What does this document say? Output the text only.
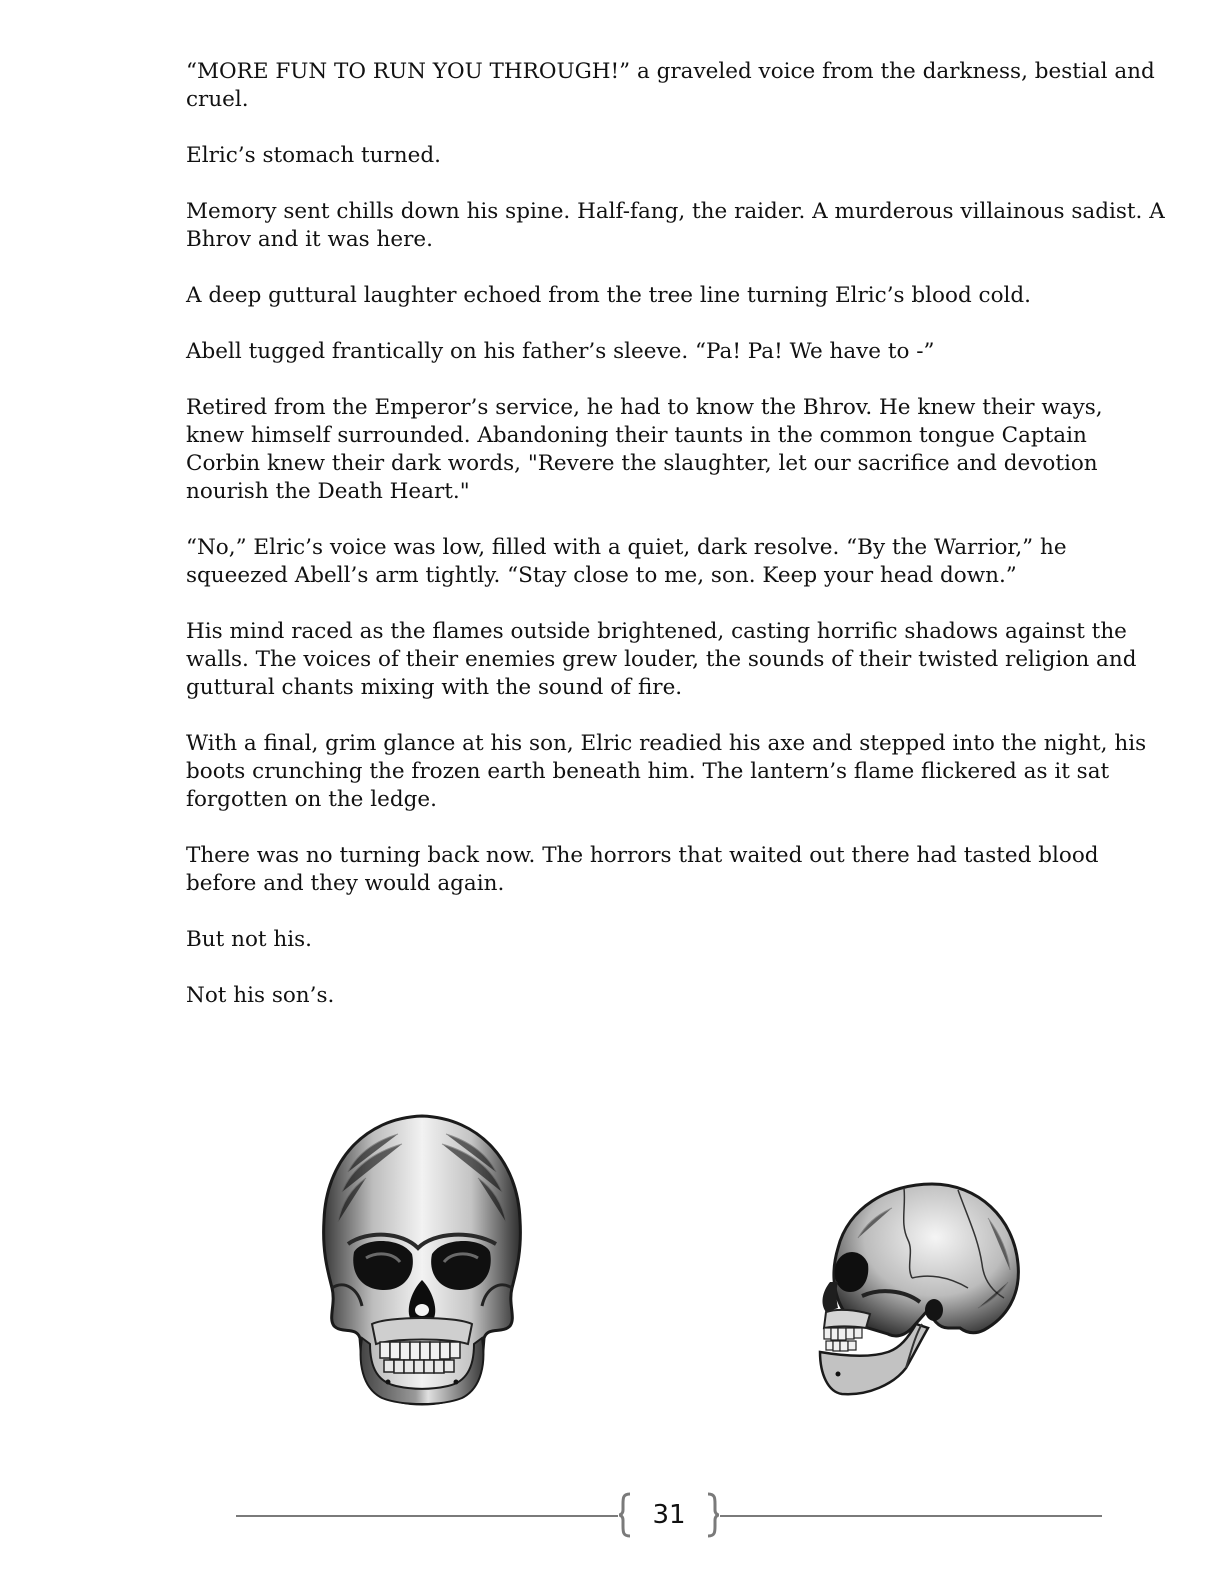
“MORE FUN TO RUN YOU THROUGH!” a graveled voice from the darkness, bestial and cruel.

Elric’s stomach turned.

Memory sent chills down his spine. Half-fang, the raider. A murderous villainous sadist. A Bhrov and it was here.

A deep guttural laughter echoed from the tree line turning Elric’s blood cold.

Abell tugged frantically on his father’s sleeve. “Pa! Pa! We have to -”

Retired from the Emperor’s service, he had to know the Bhrov. He knew their ways, knew himself surrounded. Abandoning their taunts in the common tongue Captain Corbin knew their dark words, "Revere the slaughter, let our sacrifice and devotion nourish the Death Heart."

“No,” Elric’s voice was low, filled with a quiet, dark resolve. “By the Warrior,” he squeezed Abell’s arm tightly. “Stay close to me, son. Keep your head down.”

His mind raced as the flames outside brightened, casting horrific shadows against the walls. The voices of their enemies grew louder, the sounds of their twisted religion and guttural chants mixing with the sound of fire.

With a final, grim glance at his son, Elric readied his axe and stepped into the night, his boots crunching the frozen earth beneath him. The lantern’s flame flickered as it sat forgotten on the ledge.

There was no turning back now. The horrors that waited out there had tasted blood before and they would again.

But not his.

Not his son’s.

31
